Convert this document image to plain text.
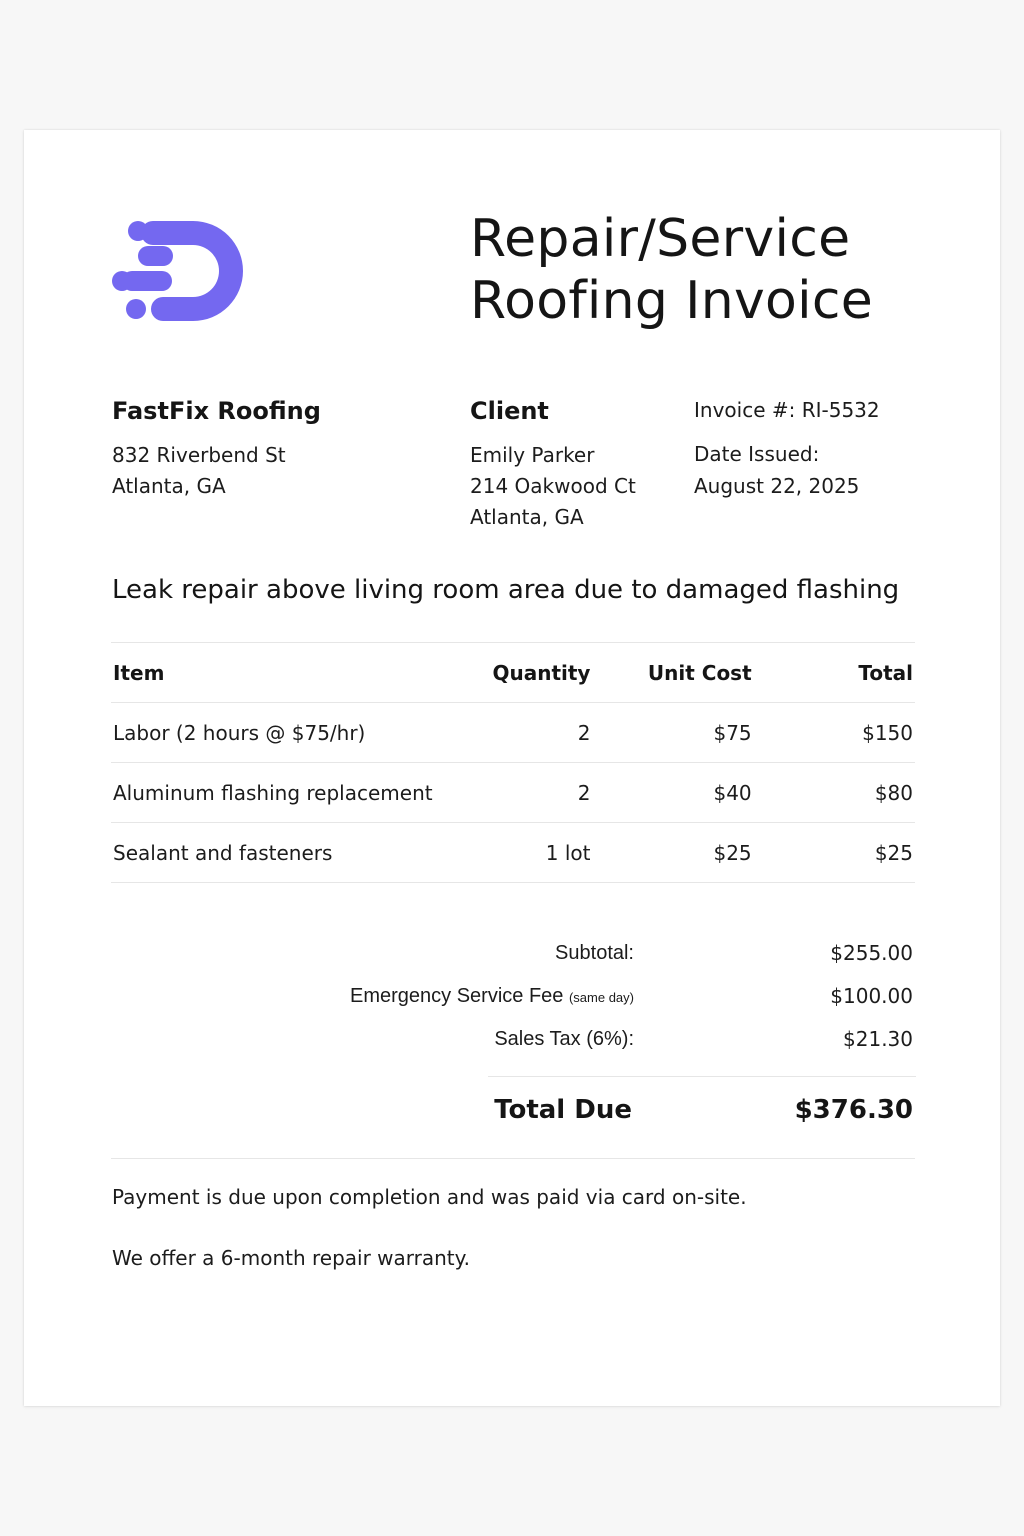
Repair/Service
Roofing Invoice
FastFix Roofing
832 Riverbend St
Atlanta, GA
Client
Emily Parker
214 Oakwood Ct
Atlanta, GA
Invoice #: RI-5532
Date Issued:
August 22, 2025
Leak repair above living room area due to damaged flashing
Item	Quantity	Unit Cost	Total
Labor (2 hours @ $75/hr)	2	$75	$150
Aluminum flashing replacement	2	$40	$80
Sealant and fasteners	1 lot	$25	$25
Subtotal:	$255.00
Emergency Service Fee (same day)	$100.00
Sales Tax (6%):	$21.30
Total Due	$376.30
Payment is due upon completion and was paid via card on-site.
We offer a 6-month repair warranty.
